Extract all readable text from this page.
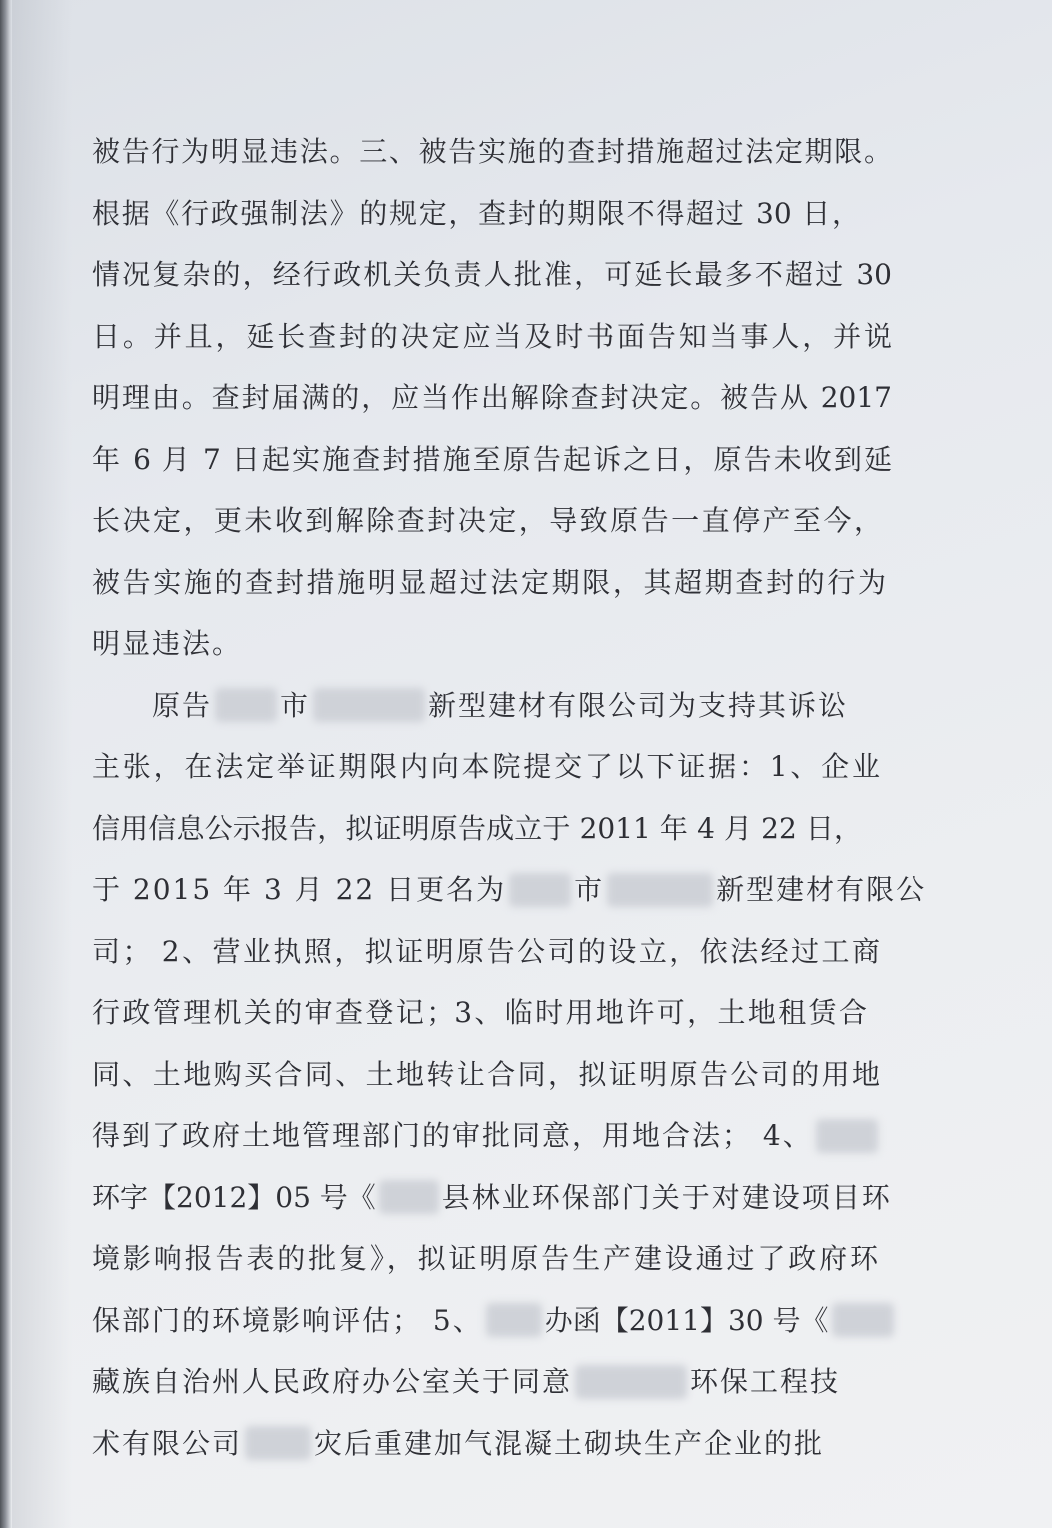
被告行为明显违法。三、被告实施的查封措施超过法定期限。
根据《行政强制法》的规定，查封的期限不得超过 30 日，
情况复杂的，经行政机关负责人批准，可延长最多不超过 30
日。并且，延长查封的决定应当及时书面告知当事人，并说
明理由。查封届满的，应当作出解除查封决定。被告从 2017
年 6 月 7 日起实施查封措施至原告起诉之日，原告未收到延
长决定，更未收到解除查封决定，导致原告一直停产至今，
被告实施的查封措施明显超过法定期限，其超期查封的行为
明显违法。
原告 市	新型建材有限公司为支持其诉讼
主张，在法定举证期限内向本院提交了以下证据：1、企业
信用信息公示报告，拟证明原告成立于 2011 年 4 月 22 日，
于 2015 年 3 月 22 日更名为 市	新型建材有限公
司； 2、营业执照，拟证明原告公司的设立，依法经过工商
行政管理机关的审查登记；3、临时用地许可，土地租赁合
同、土地购买合同、土地转让合同，拟证明原告公司的用地
得到了政府土地管理部门的审批同意，用地合法； 4、
环字【2012】05 号《 县林业环保部门关于对建设项目环
境影响报告表的批复》，拟证明原告生产建设通过了政府环
保部门的环境影响评估； 5、 办函【2011】30 号《
藏族自治州人民政府办公室关于同意	环保工程技
术有限公司	灾后重建加气混凝土砌块生产企业的批
